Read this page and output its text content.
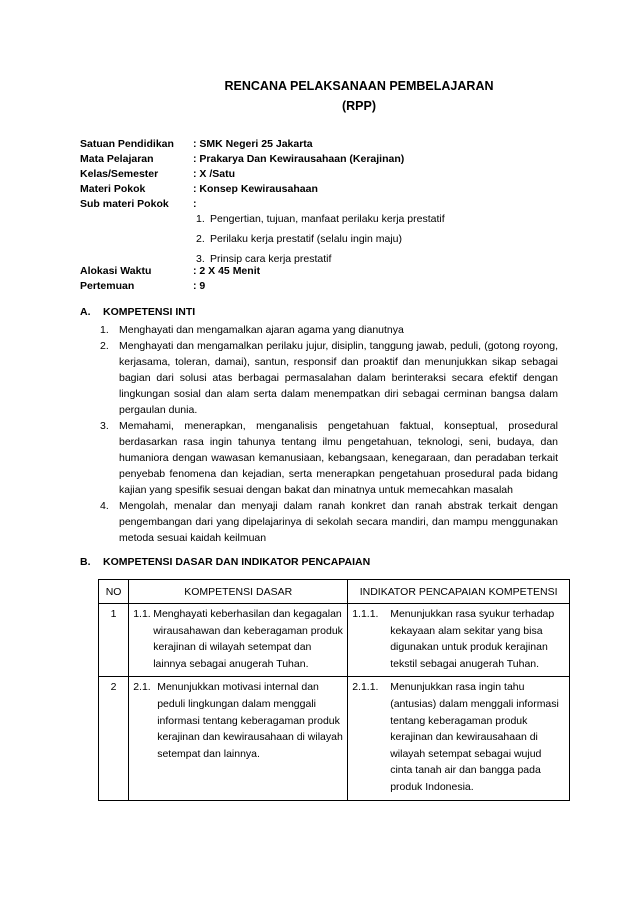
RENCANA PELAKSANAAN PEMBELAJARAN
(RPP)
Satuan Pendidikan	: SMK Negeri 25 Jakarta
Mata Pelajaran	: Prakarya Dan Kewirausahaan (Kerajinan)
Kelas/Semester	: X /Satu
Materi Pokok	: Konsep Kewirausahaan
Sub materi Pokok	:
1. Pengertian, tujuan, manfaat perilaku kerja prestatif
2. Perilaku kerja prestatif (selalu ingin maju)
3. Prinsip cara kerja prestatif
Alokasi Waktu	: 2 X 45 Menit
Pertemuan	: 9
A. KOMPETENSI INTI
1. Menghayati dan mengamalkan ajaran agama yang dianutnya
2. Menghayati dan mengamalkan perilaku jujur, disiplin, tanggung jawab, peduli, (gotong royong, kerjasama, toleran, damai), santun, responsif dan proaktif dan menunjukkan sikap sebagai bagian dari solusi atas berbagai permasalahan dalam berinteraksi secara efektif dengan lingkungan sosial dan alam serta dalam menempatkan diri sebagai cerminan bangsa dalam pergaulan dunia.
3. Memahami, menerapkan, menganalisis pengetahuan faktual, konseptual, prosedural berdasarkan rasa ingin tahunya tentang ilmu pengetahuan, teknologi, seni, budaya, dan humaniora dengan wawasan kemanusiaan, kebangsaan, kenegaraan, dan peradaban terkait penyebab fenomena dan kejadian, serta menerapkan pengetahuan prosedural pada bidang kajian yang spesifik sesuai dengan bakat dan minatnya untuk memecahkan masalah
4. Mengolah, menalar dan menyaji dalam ranah konkret dan ranah abstrak terkait dengan pengembangan dari yang dipelajarinya di sekolah secara mandiri, dan mampu menggunakan metoda sesuai kaidah keilmuan
B. KOMPETENSI DASAR DAN INDIKATOR PENCAPAIAN
NO	KOMPETENSI DASAR	INDIKATOR PENCAPAIAN KOMPETENSI
1	1.1. Menghayati keberhasilan dan kegagalan wirausahawan dan keberagaman produk kerajinan di wilayah setempat dan lainnya sebagai anugerah Tuhan.	1.1.1. Menunjukkan rasa syukur terhadap kekayaan alam sekitar yang bisa digunakan untuk produk kerajinan tekstil sebagai anugerah Tuhan.

2	2.1. Menunjukkan motivasi internal dan peduli lingkungan dalam menggali informasi tentang keberagaman produk kerajinan dan kewirausahaan di wilayah setempat dan lainnya.	2.1.1. Menunjukkan rasa ingin tahu (antusias) dalam menggali informasi tentang keberagaman produk kerajinan dan kewirausahaan di wilayah setempat sebagai wujud cinta tanah air dan bangga pada produk Indonesia.
